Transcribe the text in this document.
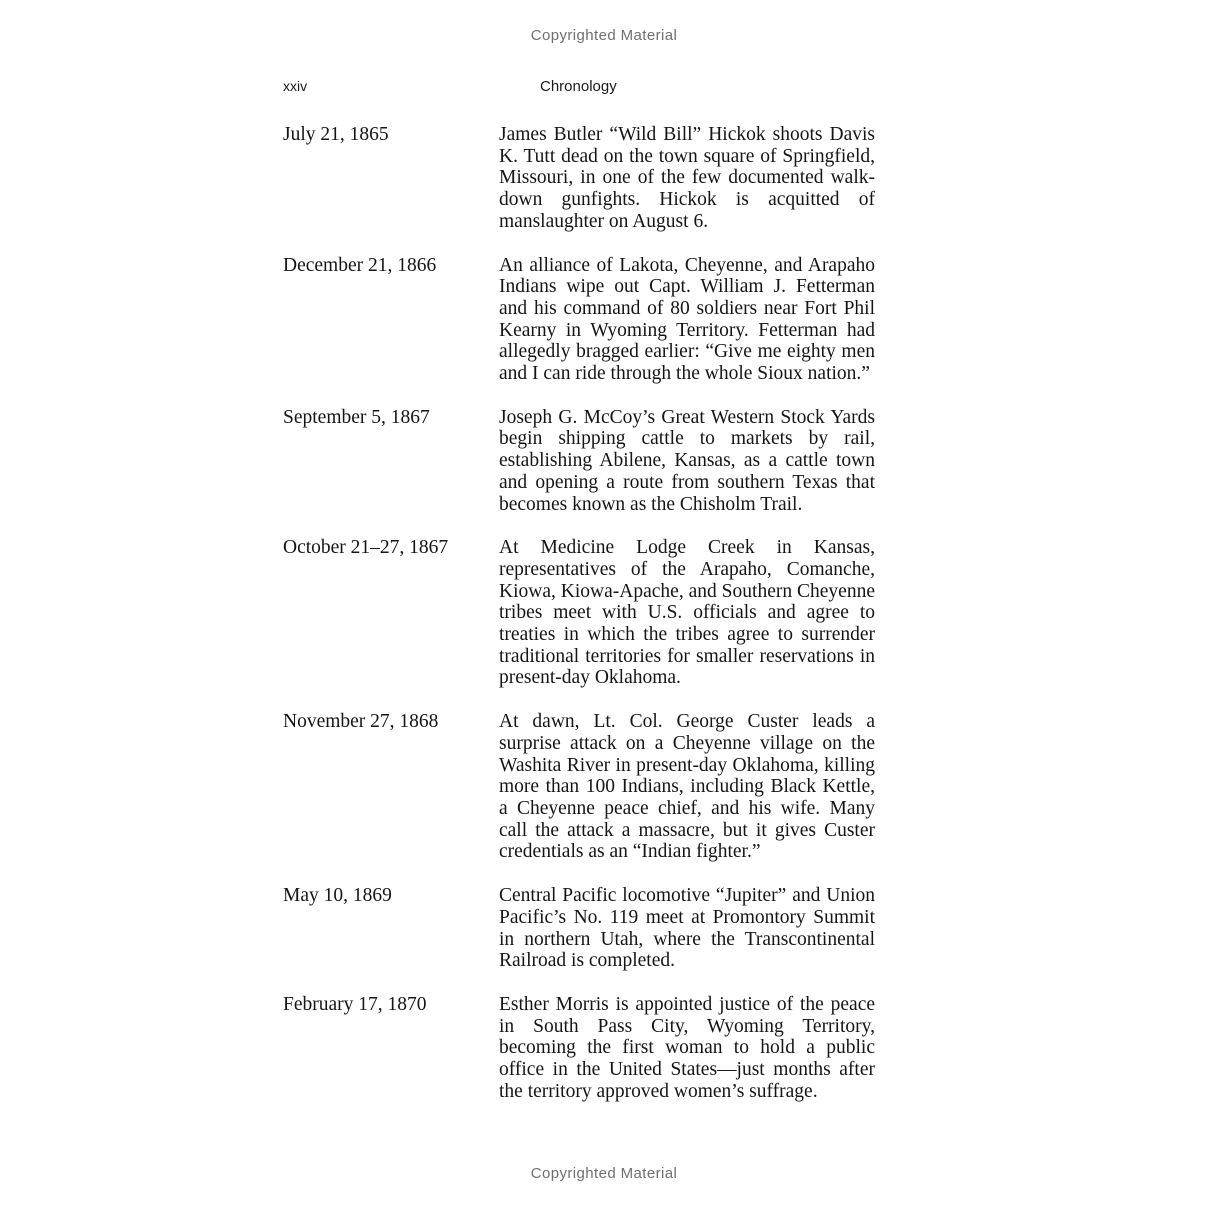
Copyrighted Material
xxiv	Chronology
July 21, 1865	James Butler “Wild Bill” Hickok shoots Davis K. Tutt dead on the town square of Springfield, Missouri, in one of the few documented walk-down gunfights. Hickok is acquitted of manslaughter on August 6.
December 21, 1866	An alliance of Lakota, Cheyenne, and Arapaho Indians wipe out Capt. William J. Fetterman and his command of 80 soldiers near Fort Phil Kearny in Wyoming Territory. Fetterman had allegedly bragged earlier: “Give me eighty men and I can ride through the whole Sioux nation.”
September 5, 1867	Joseph G. McCoy’s Great Western Stock Yards begin shipping cattle to markets by rail, establishing Abilene, Kansas, as a cattle town and opening a route from southern Texas that becomes known as the Chisholm Trail.
October 21–27, 1867	At Medicine Lodge Creek in Kansas, representatives of the Arapaho, Comanche, Kiowa, Kiowa-Apache, and Southern Cheyenne tribes meet with U.S. officials and agree to treaties in which the tribes agree to surrender traditional territories for smaller reservations in present-day Oklahoma.
November 27, 1868	At dawn, Lt. Col. George Custer leads a surprise attack on a Cheyenne village on the Washita River in present-day Oklahoma, killing more than 100 Indians, including Black Kettle, a Cheyenne peace chief, and his wife. Many call the attack a massacre, but it gives Custer credentials as an “Indian fighter.”
May 10, 1869	Central Pacific locomotive “Jupiter” and Union Pacific’s No. 119 meet at Promontory Summit in northern Utah, where the Transcontinental Railroad is completed.
February 17, 1870	Esther Morris is appointed justice of the peace in South Pass City, Wyoming Territory, becoming the first woman to hold a public office in the United States—just months after the territory approved women’s suffrage.
Copyrighted Material
